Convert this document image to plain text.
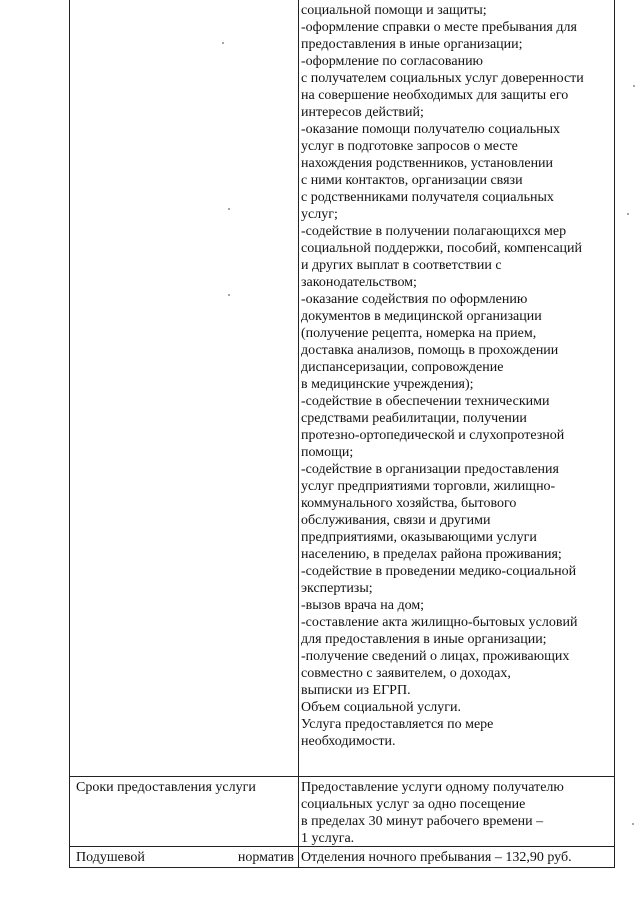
социальной помощи и защиты;
-оформление справки о месте пребывания для
предоставления в иные организации;
-оформление по согласованию
с получателем социальных услуг доверенности
на совершение необходимых для защиты его
интересов действий;
-оказание помощи получателю социальных
услуг в подготовке запросов о месте
нахождения родственников, установлении
с ними контактов, организации связи
с родственниками получателя социальных
услуг;
-содействие в получении полагающихся мер
социальной поддержки, пособий, компенсаций
и других выплат в соответствии с
законодательством;
-оказание содействия по оформлению
документов в медицинской организации
(получение рецепта, номерка на прием,
доставка анализов, помощь в прохождении
диспансеризации, сопровождение
в медицинские учреждения);
-содействие в обеспечении техническими
средствами реабилитации, получении
протезно-ортопедической и слухопротезной
помощи;
-содействие в организации предоставления
услуг предприятиями торговли, жилищно-
коммунального хозяйства, бытового
обслуживания, связи и другими
предприятиями, оказывающими услуги
населению, в пределах района проживания;
-содействие в проведении медико-социальной
экспертизы;
-вызов врача на дом;
-составление акта жилищно-бытовых условий
для предоставления в иные организации;
-получение сведений о лицах, проживающих
совместно с заявителем, о доходах,
выписки из ЕГРП.
Объем социальной услуги.
Услуга предоставляется по мере
необходимости.
Сроки предоставления услуги	Предоставление услуги одному получателю
социальных услуг за одно посещение
в пределах 30 минут рабочего времени –
1 услуга.
Подушевой	норматив Отделения ночного пребывания – 132,90 руб.
